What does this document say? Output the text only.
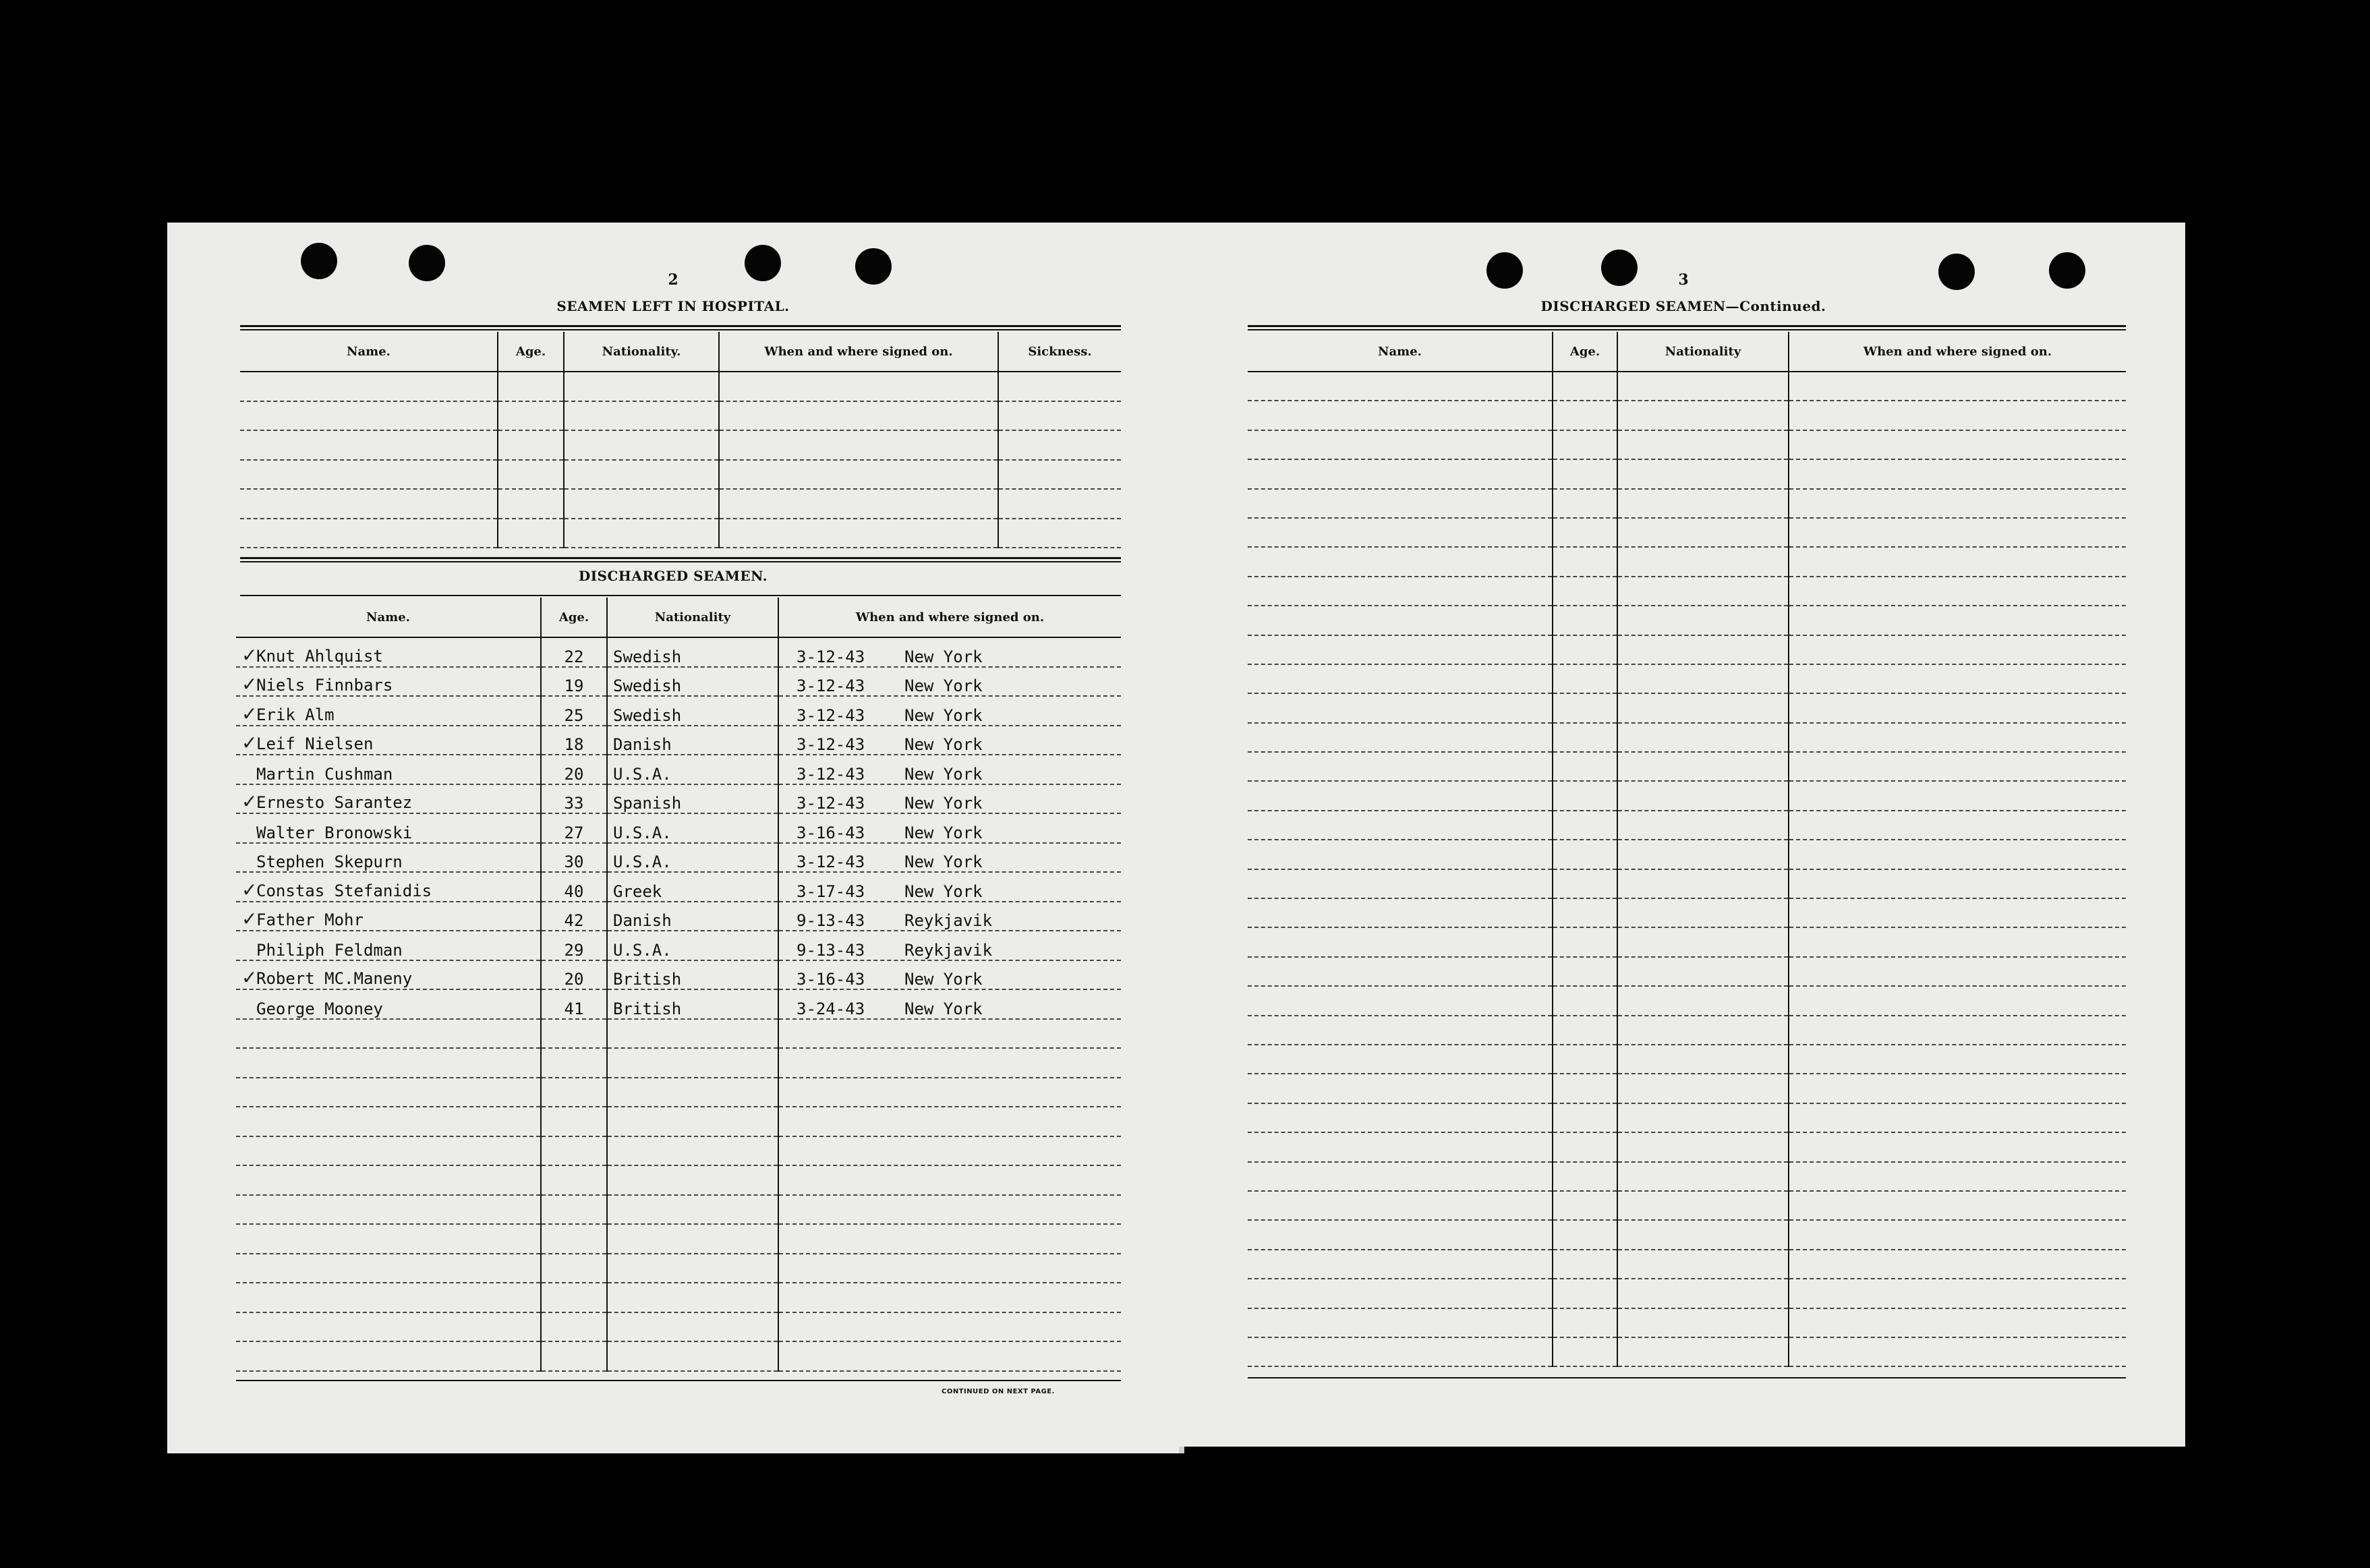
2
SEAMEN LEFT IN HOSPITAL.
Name.	Age.	Nationality.	When and where signed on.	Sickness.

DISCHARGED SEAMEN.
Name.	Age.	Nationality	When and where signed on.
✓Knut Ahlquist	22	Swedish	3-12-43 New York
✓Niels Finnbars	19	Swedish	3-12-43 New York
✓Erik Alm	25	Swedish	3-12-43 New York
✓Leif Nielsen	18	Danish	3-12-43 New York
Martin Cushman	20	U.S.A.	3-12-43 New York
✓Ernesto Sarantez	33	Spanish	3-12-43 New York
Walter Bronowski	27	U.S.A.	3-16-43 New York
Stephen Skepurn	30	U.S.A.	3-12-43 New York
✓Constas Stefanidis	40	Greek	3-17-43 New York
✓Father Mohr	42	Danish	9-13-43 Reykjavik
Philiph Feldman	29	U.S.A.	9-13-43 Reykjavik
✓Robert MC.Maneny	20	British	3-16-43 New York
George Mooney	41	British	3-24-43 New York

CONTINUED ON NEXT PAGE.
3
DISCHARGED SEAMEN—Continued.
Name.	Age.	Nationality	When and where signed on.
